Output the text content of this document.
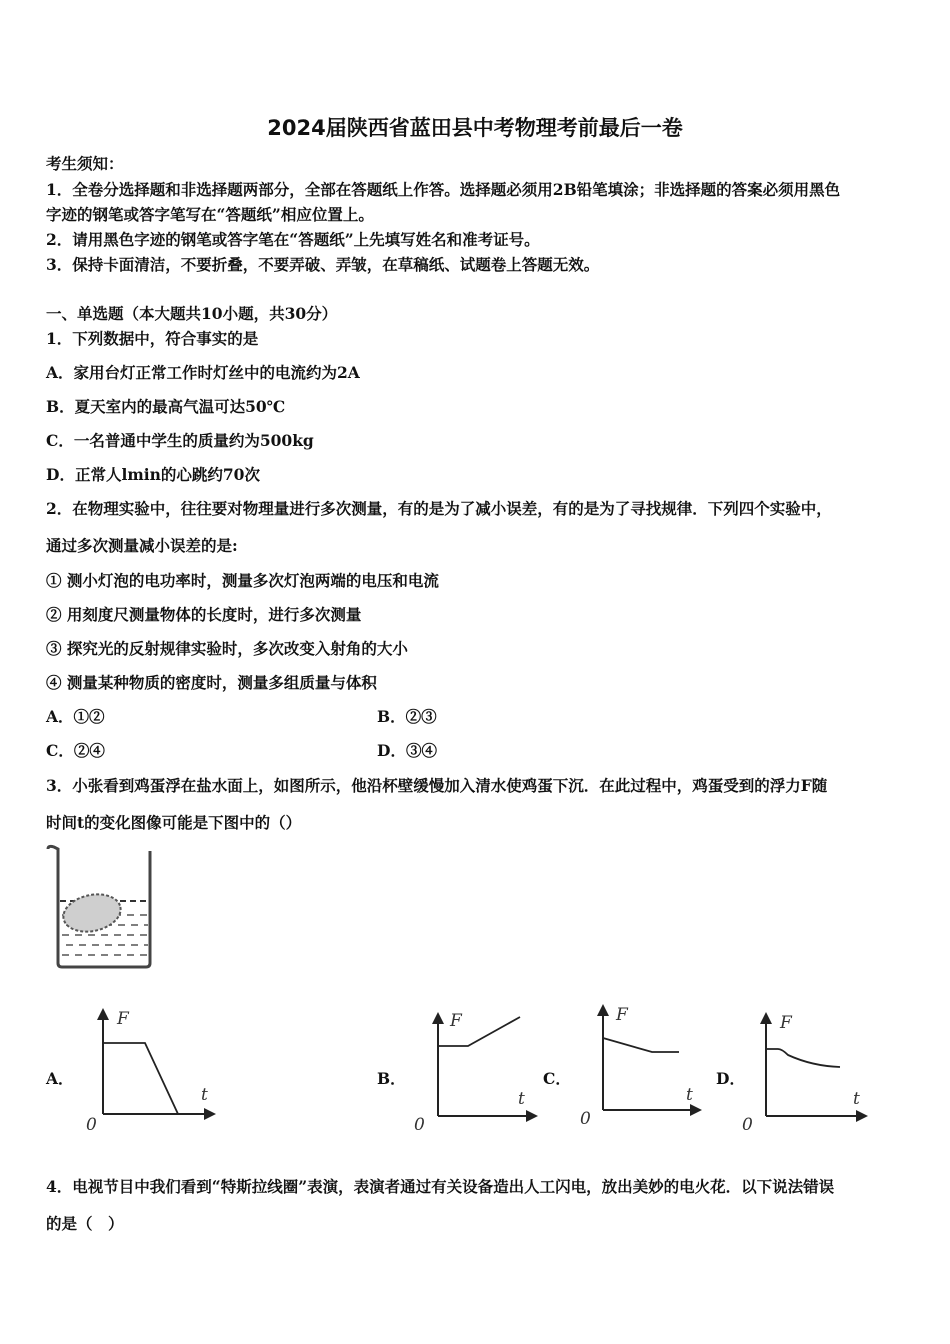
2024届陕西省蓝田县中考物理考前最后一卷
考生须知：
1．全卷分选择题和非选择题两部分，全部在答题纸上作答。选择题必须用2B铅笔填涂；非选择题的答案必须用黑色
字迹的钢笔或答字笔写在“答题纸”相应位置上。
2．请用黑色字迹的钢笔或答字笔在“答题纸”上先填写姓名和准考证号。
3．保持卡面清洁，不要折叠，不要弄破、弄皱，在草稿纸、试题卷上答题无效。
一、单选题（本大题共10小题，共30分）
1．下列数据中，符合事实的是
A．家用台灯正常工作时灯丝中的电流约为2A
B．夏天室内的最高气温可达50℃
C．一名普通中学生的质量约为500kg
D．正常人lmin的心跳约70次
2．在物理实验中，往往要对物理量进行多次测量，有的是为了减小误差，有的是为了寻找规律．下列四个实验中，
通过多次测量减小误差的是:
① 测小灯泡的电功率时，测量多次灯泡两端的电压和电流
② 用刻度尺测量物体的长度时，进行多次测量
③ 探究光的反射规律实验时，多次改变入射角的大小
④ 测量某种物质的密度时，测量多组质量与体积
A．①②	B．②③
C．②④	D．③④
3．小张看到鸡蛋浮在盐水面上，如图所示，他沿杯壁缓慢加入清水使鸡蛋下沉．在此过程中，鸡蛋受到的浮力F随
时间t的变化图像可能是下图中的（）
A．
F
t
0
B．
F
t
0
C．
F
t
0
D．
F
t
0
4．电视节目中我们看到“特斯拉线圈”表演，表演者通过有关设备造出人工闪电，放出美妙的电火花．以下说法错误
的是（　）
